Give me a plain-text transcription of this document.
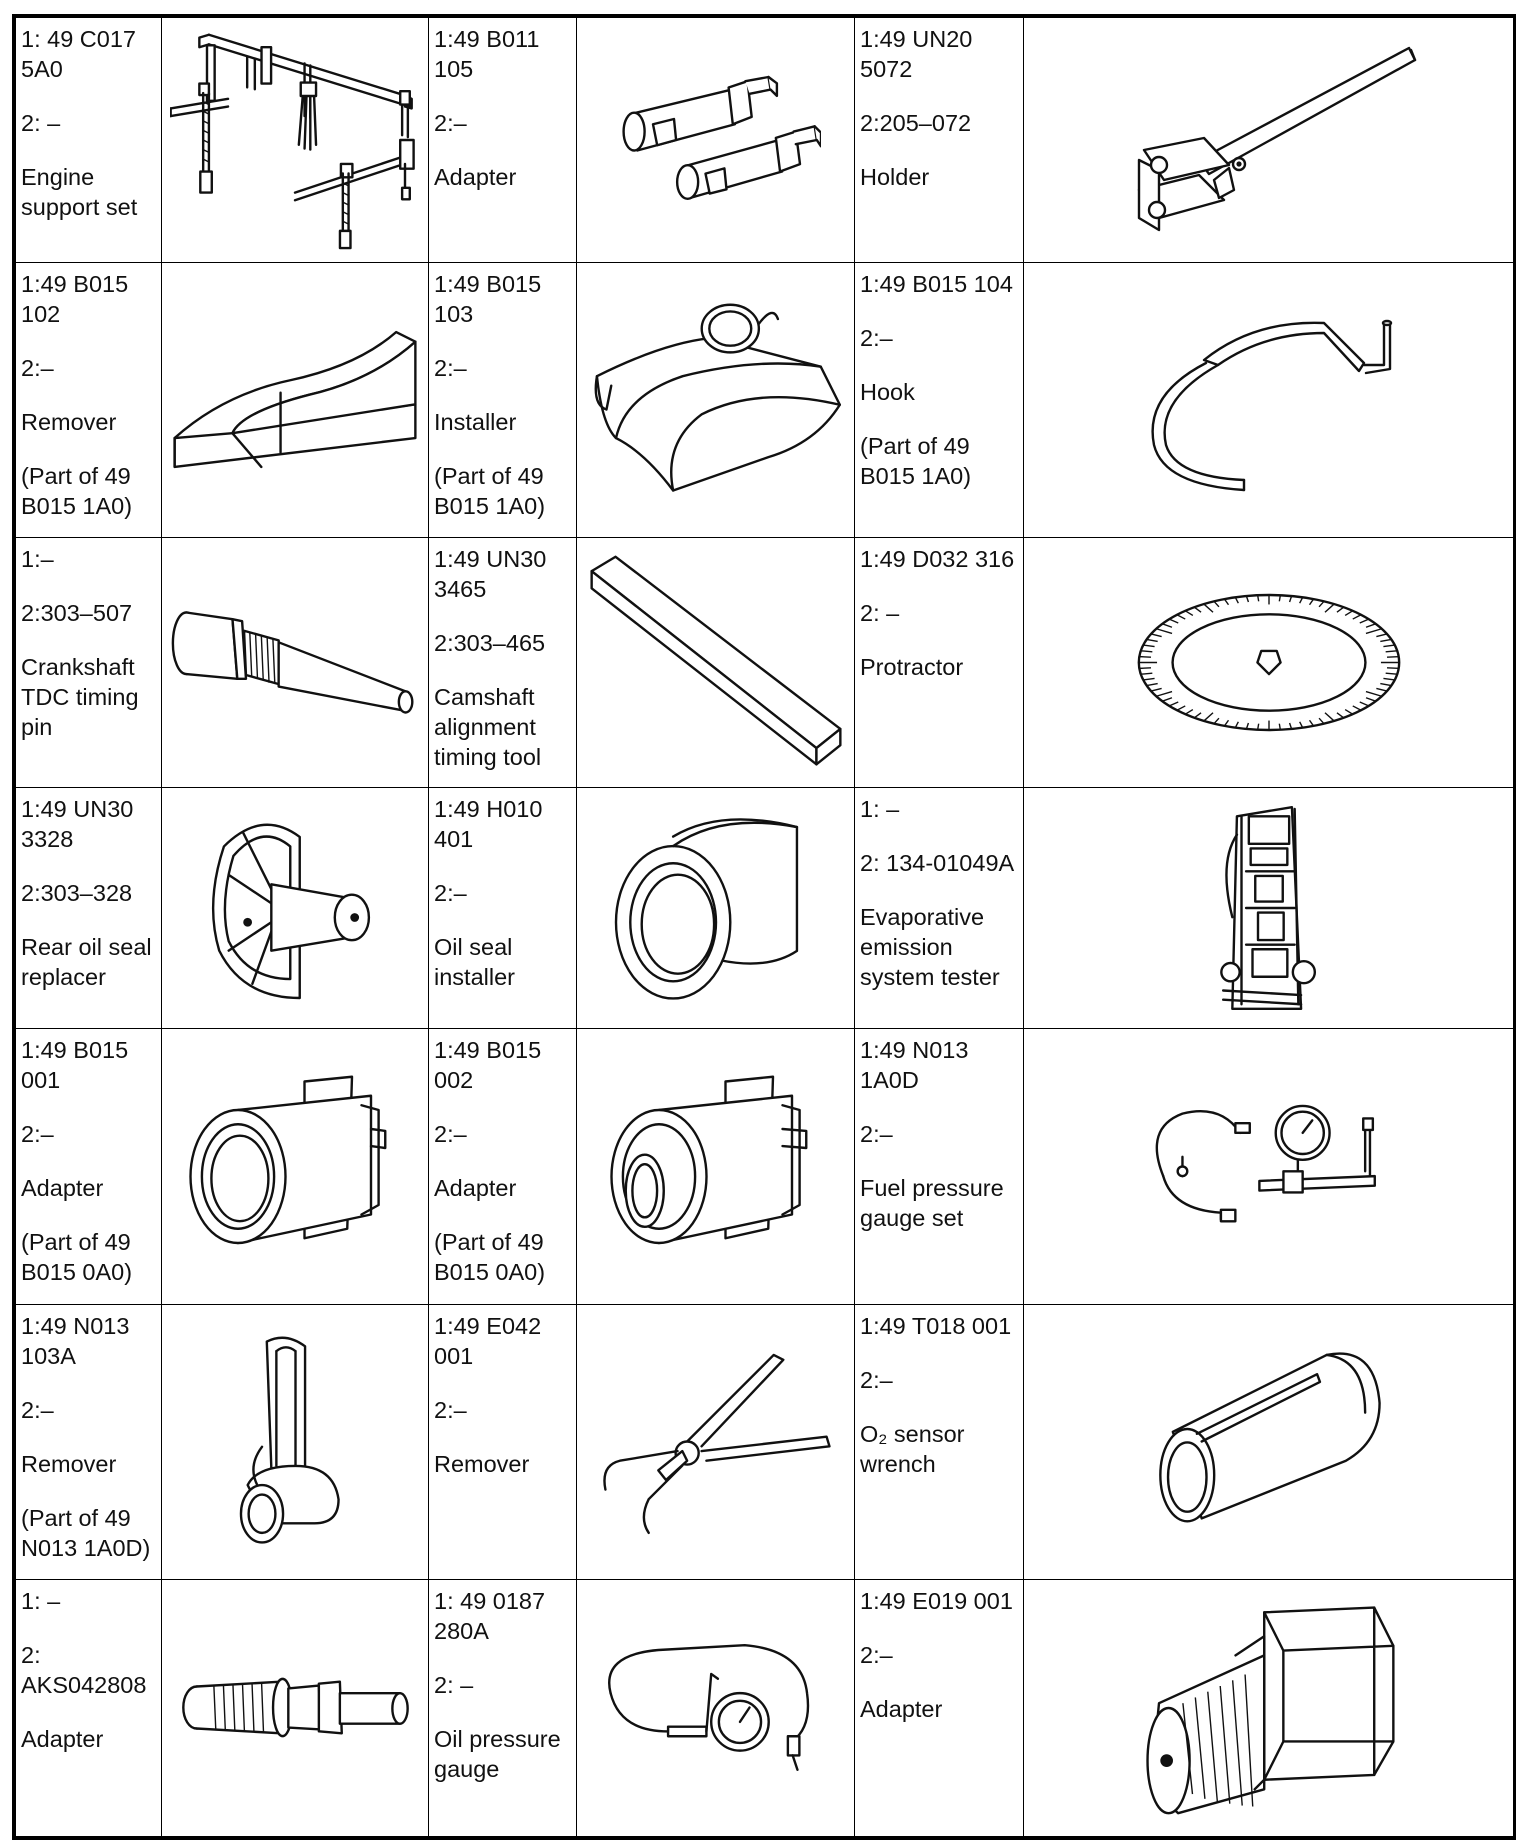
1: 49 C017 5A0
2: –
Engine support set		1:49 B011 105
2:–
Adapter		1:49 UN20 5072
2:205–072
Holder

1:49 B015 102
2:–
Remover
(Part of 49 B015 1A0)		1:49 B015 103
2:–
Installer
(Part of 49 B015 1A0)		1:49 B015 104
2:–
Hook
(Part of 49 B015 1A0)

1:–
2:303–507
Crankshaft TDC timing pin		1:49 UN30 3465
2:303–465
Camshaft alignment timing tool		1:49 D032 316
2: –
Protractor

1:49 UN30 3328
2:303–328
Rear oil seal replacer		1:49 H010 401
2:–
Oil seal installer		1: –
2: 134-01049A
Evaporative emission system tester

1:49 B015 001
2:–
Adapter
(Part of 49 B015 0A0)		1:49 B015 002
2:–
Adapter
(Part of 49 B015 0A0)		1:49 N013 1A0D
2:–
Fuel pressure gauge set

1:49 N013 103A
2:–
Remover
(Part of 49 N013 1A0D)		1:49 E042 001
2:–
Remover		1:49 T018 001
2:–
O₂ sensor wrench

1: –
2: AKS042808
Adapter		1: 49 0187 280A
2: –
Oil pressure gauge		1:49 E019 001
2:–
Adapter
